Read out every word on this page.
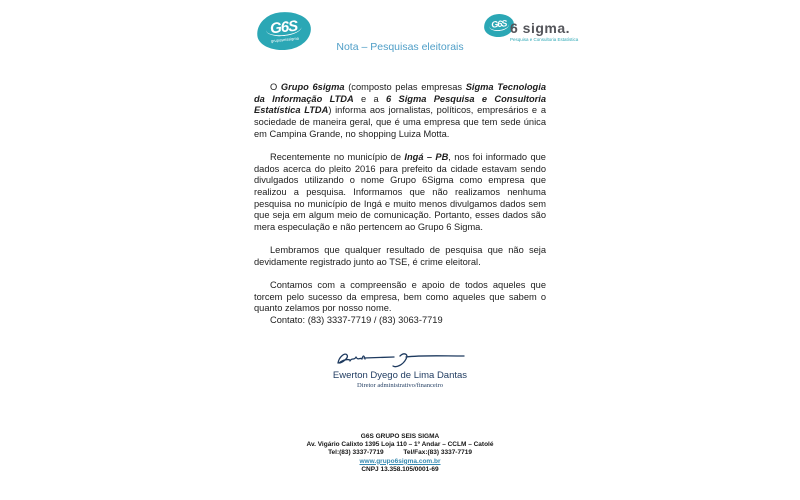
G6S
gruposeissigma
G6S 6 sigma.
Pesquisa e Consultoria Estatística
Nota – Pesquisas eleitorais

O Grupo 6sigma (composto pelas empresas Sigma Tecnologia da Informação LTDA e a 6 Sigma Pesquisa e Consultoria Estatística LTDA) informa aos jornalistas, políticos, empresários e a sociedade de maneira geral, que é uma empresa que tem sede única em Campina Grande, no shopping Luiza Motta.

Recentemente no município de Ingá – PB, nos foi informado que dados acerca do pleito 2016 para prefeito da cidade estavam sendo divulgados utilizando o nome Grupo 6Sigma como empresa que realizou a pesquisa. Informamos que não realizamos nenhuma pesquisa no município de Ingá e muito menos divulgamos dados sem que seja em algum meio de comunicação. Portanto, esses dados são mera especulação e não pertencem ao Grupo 6 Sigma.

Lembramos que qualquer resultado de pesquisa que não seja devidamente registrado junto ao TSE, é crime eleitoral.

Contamos com a compreensão e apoio de todos aqueles que torcem pelo sucesso da empresa, bem como aqueles que sabem o quanto zelamos por nosso nome.

Contato: (83) 3337-7719 / (83) 3063-7719

Ewerton Dyego de Lima Dantas
Diretor administrativo/financeiro
G6S GRUPO SEIS SIGMA
Av. Vigário Calixto 1395 Loja 110 – 1º Andar – CCLM – Catolé
Tel:(83) 3337-7719	Tel/Fax:(83) 3337-7719
www.grupo6sigma.com.br
CNPJ 13.358.105/0001-69
